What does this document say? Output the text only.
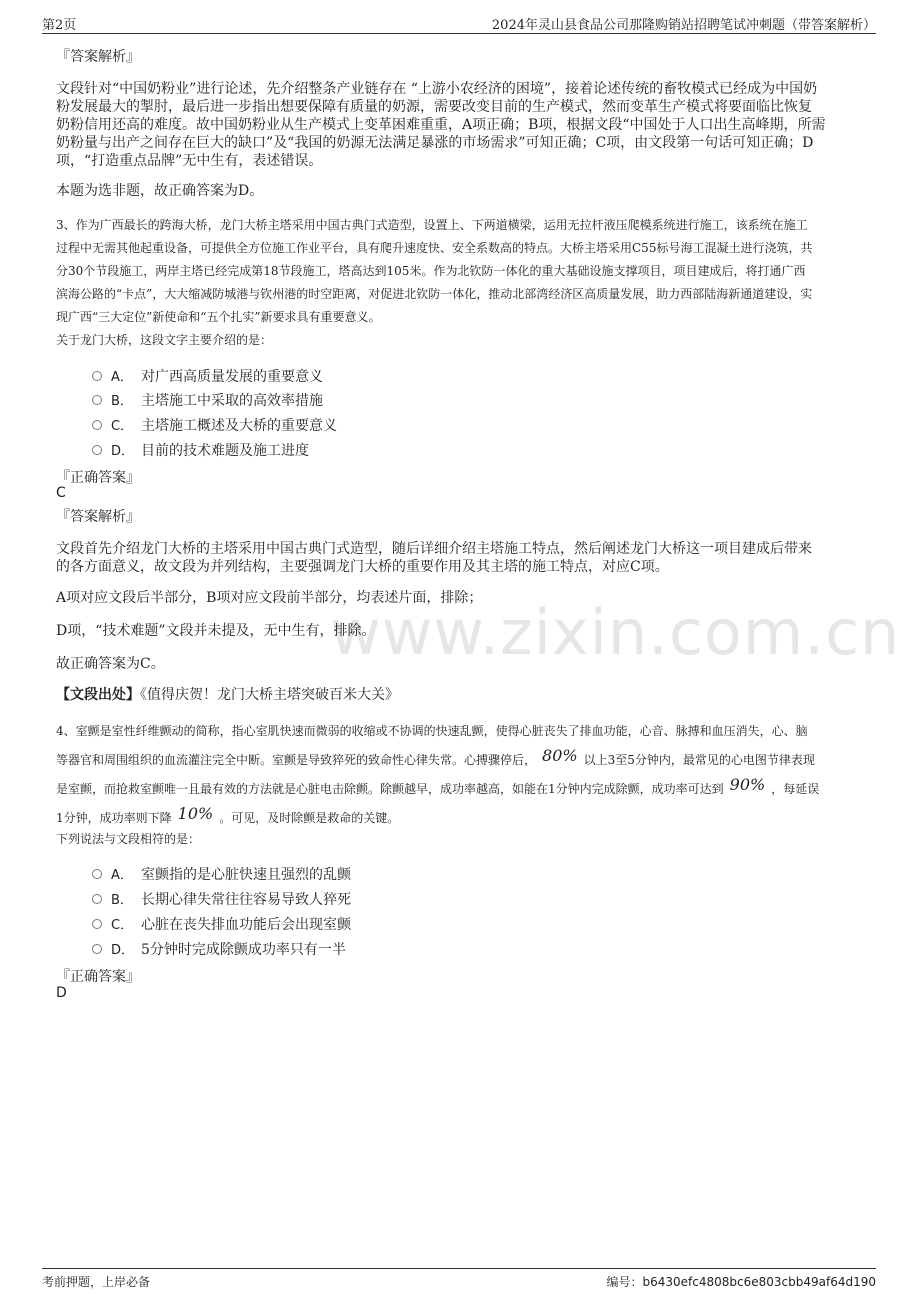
第2页	2024年灵山县食品公司那隆购销站招聘笔试冲刺题（带答案解析）
www.zixin.com.cn
『答案解析』
文段针对“中国奶粉业”进行论述，先介绍整条产业链存在 “上游小农经济的困境”，接着论述传统的畜牧模式已经成为中国奶
粉发展最大的掣肘，最后进一步指出想要保障有质量的奶源，需要改变目前的生产模式，然而变革生产模式将要面临比恢复
奶粉信用还高的难度。故中国奶粉业从生产模式上变革困难重重，A项正确；B项，根据文段“中国处于人口出生高峰期，所需
奶粉量与出产之间存在巨大的缺口”及“我国的奶源无法满足暴涨的市场需求”可知正确；C项，由文段第一句话可知正确；D
项，“打造重点品牌”无中生有，表述错误。
本题为选非题，故正确答案为D。
3、作为广西最长的跨海大桥，龙门大桥主塔采用中国古典门式造型，设置上、下两道横梁，运用无拉杆液压爬模系统进行施工，该系统在施工
过程中无需其他起重设备，可提供全方位施工作业平台，具有爬升速度快、安全系数高的特点。大桥主塔采用C55标号海工混凝土进行浇筑，共
分30个节段施工，两岸主塔已经完成第18节段施工，塔高达到105米。作为北钦防一体化的重大基础设施支撑项目，项目建成后，将打通广西
滨海公路的“卡点”，大大缩减防城港与钦州港的时空距离，对促进北钦防一体化，推动北部湾经济区高质量发展，助力西部陆海新通道建设，实
现广西“三大定位”新使命和“五个扎实”新要求具有重要意义。
关于龙门大桥，这段文字主要介绍的是：
A． 对广西高质量发展的重要意义
B． 主塔施工中采取的高效率措施
C． 主塔施工概述及大桥的重要意义
D． 目前的技术难题及施工进度
『正确答案』
C
『答案解析』
文段首先介绍龙门大桥的主塔采用中国古典门式造型，随后详细介绍主塔施工特点，然后阐述龙门大桥这一项目建成后带来
的各方面意义，故文段为并列结构，主要强调龙门大桥的重要作用及其主塔的施工特点，对应C项。
A项对应文段后半部分，B项对应文段前半部分，均表述片面，排除；
D项，“技术难题”文段并未提及，无中生有，排除。
故正确答案为C。
【文段出处】《值得庆贺！龙门大桥主塔突破百米大关》
4、室颤是室性纤维颤动的简称，指心室肌快速而微弱的收缩或不协调的快速乱颤，使得心脏丧失了排血功能，心音、脉搏和血压消失，心、脑
等器官和周围组织的血流灌注完全中断。室颤是导致猝死的致命性心律失常。心搏骤停后， 80% 以上3至5分钟内，最常见的心电图节律表现
是室颤，而抢救室颤唯一且最有效的方法就是心脏电击除颤。除颤越早，成功率越高，如能在1分钟内完成除颤，成功率可达到 90% ，每延误
1分钟，成功率则下降 10% 。可见，及时除颤是救命的关键。
下列说法与文段相符的是：
A． 室颤指的是心脏快速且强烈的乱颤
B． 长期心律失常往往容易导致人猝死
C． 心脏在丧失排血功能后会出现室颤
D． 5分钟时完成除颤成功率只有一半
『正确答案』
D
考前押题，上岸必备	编号：b6430efc4808bc6e803cbb49af64d190
